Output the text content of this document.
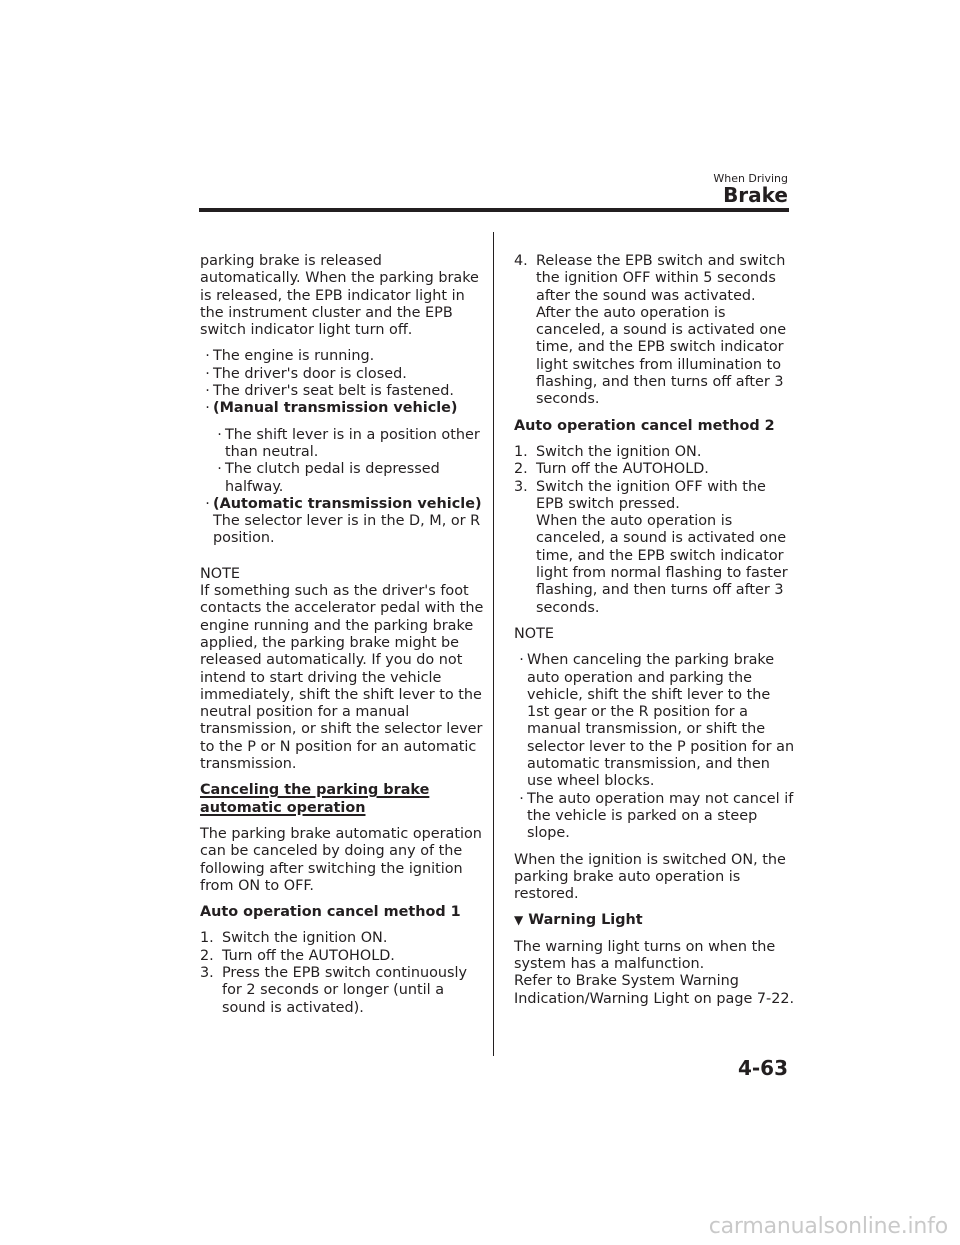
When Driving
Brake

parking brake is released automatically. When the parking brake is released, the EPB indicator light in the instrument cluster and the EPB switch indicator light turn off.

· The engine is running.
· The driver's door is closed.
· The driver's seat belt is fastened.
· (Manual transmission vehicle)
· The shift lever is in a position other than neutral.
· The clutch pedal is depressed halfway.
· (Automatic transmission vehicle)
The selector lever is in the D, M, or R position.
NOTE

If something such as the driver's foot contacts the accelerator pedal with the engine running and the parking brake applied, the parking brake might be released automatically. If you do not intend to start driving the vehicle immediately, shift the shift lever to the neutral position for a manual transmission, or shift the selector lever to the P or N position for an automatic transmission.

Canceling the parking brake
automatic operation

The parking brake automatic operation can be canceled by doing any of the following after switching the ignition from ON to OFF.

Auto operation cancel method 1

1. Switch the ignition ON.
2. Turn off the AUTOHOLD.
3. Press the EPB switch continuously for 2 seconds or longer (until a sound is activated).
4. Release the EPB switch and switch the ignition OFF within 5 seconds after the sound was activated.
After the auto operation is canceled, a sound is activated one time, and the EPB switch indicator light switches from illumination to flashing, and then turns off after 3 seconds.

Auto operation cancel method 2

1. Switch the ignition ON.
2. Turn off the AUTOHOLD.
3. Switch the ignition OFF with the EPB switch pressed.
When the auto operation is canceled, a sound is activated one time, and the EPB switch indicator light from normal flashing to faster flashing, and then turns off after 3 seconds.
NOTE
· When canceling the parking brake auto operation and parking the vehicle, shift the shift lever to the 1st gear or the R position for a manual transmission, or shift the selector lever to the P position for an automatic transmission, and then use wheel blocks.
· The auto operation may not cancel if the vehicle is parked on a steep slope.

When the ignition is switched ON, the parking brake auto operation is restored.

▼ Warning Light

The warning light turns on when the system has a malfunction.
Refer to Brake System Warning Indication/Warning Light on page 7-22.

4-63
carmanualsonline.info
